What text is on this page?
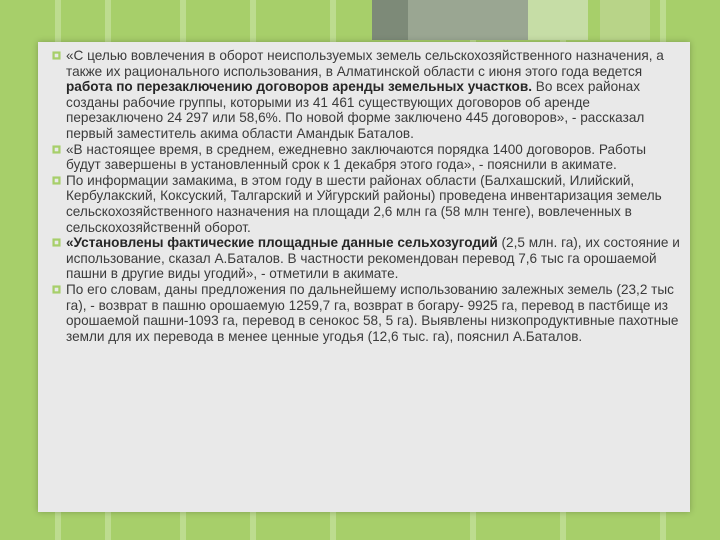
«С целью вовлечения в оборот неиспользуемых земель сельскохозяйственного назначения, а также их рационального использования, в Алматинской области с июня этого года ведется работа по перезаключению договоров аренды земельных участков. Во всех районах созданы рабочие группы, которыми из 41 461 существующих договоров об аренде перезаключено 24 297 или 58,6%. По новой форме заключено 445 договоров», - рассказал первый заместитель акима области Амандык Баталов.

«В настоящее время, в среднем, ежедневно заключаются порядка 1400 договоров. Работы будут завершены в установленный срок к 1 декабря этого года», - пояснили в акимате.

По информации замакима, в этом году в шести районах области (Балхашский, Илийский, Кербулакский, Коксуский, Талгарский и Уйгурский районы) проведена инвентаризация земель сельскохозяйственного назначения на площади 2,6 млн га (58 млн тенге), вовлеченных в сельскохозяйственнй оборот.

«Установлены фактические площадные данные сельхозугодий (2,5 млн. га), их состояние и использование, сказал А.Баталов. В частности рекомендован перевод 7,6 тыс га орошаемой пашни в другие виды угодий», - отметили в акимате.

По его словам, даны предложения по дальнейшему использованию залежных земель (23,2 тыс га), - возврат в пашню орошаемую 1259,7 га, возврат в богару- 9925 га, перевод в пастбище из орошаемой пашни-1093 га, перевод в сенокос 58, 5 га). Выявлены низкопродуктивные пахотные земли для их перевода в менее ценные угодья (12,6 тыс. га), пояснил А.Баталов.
